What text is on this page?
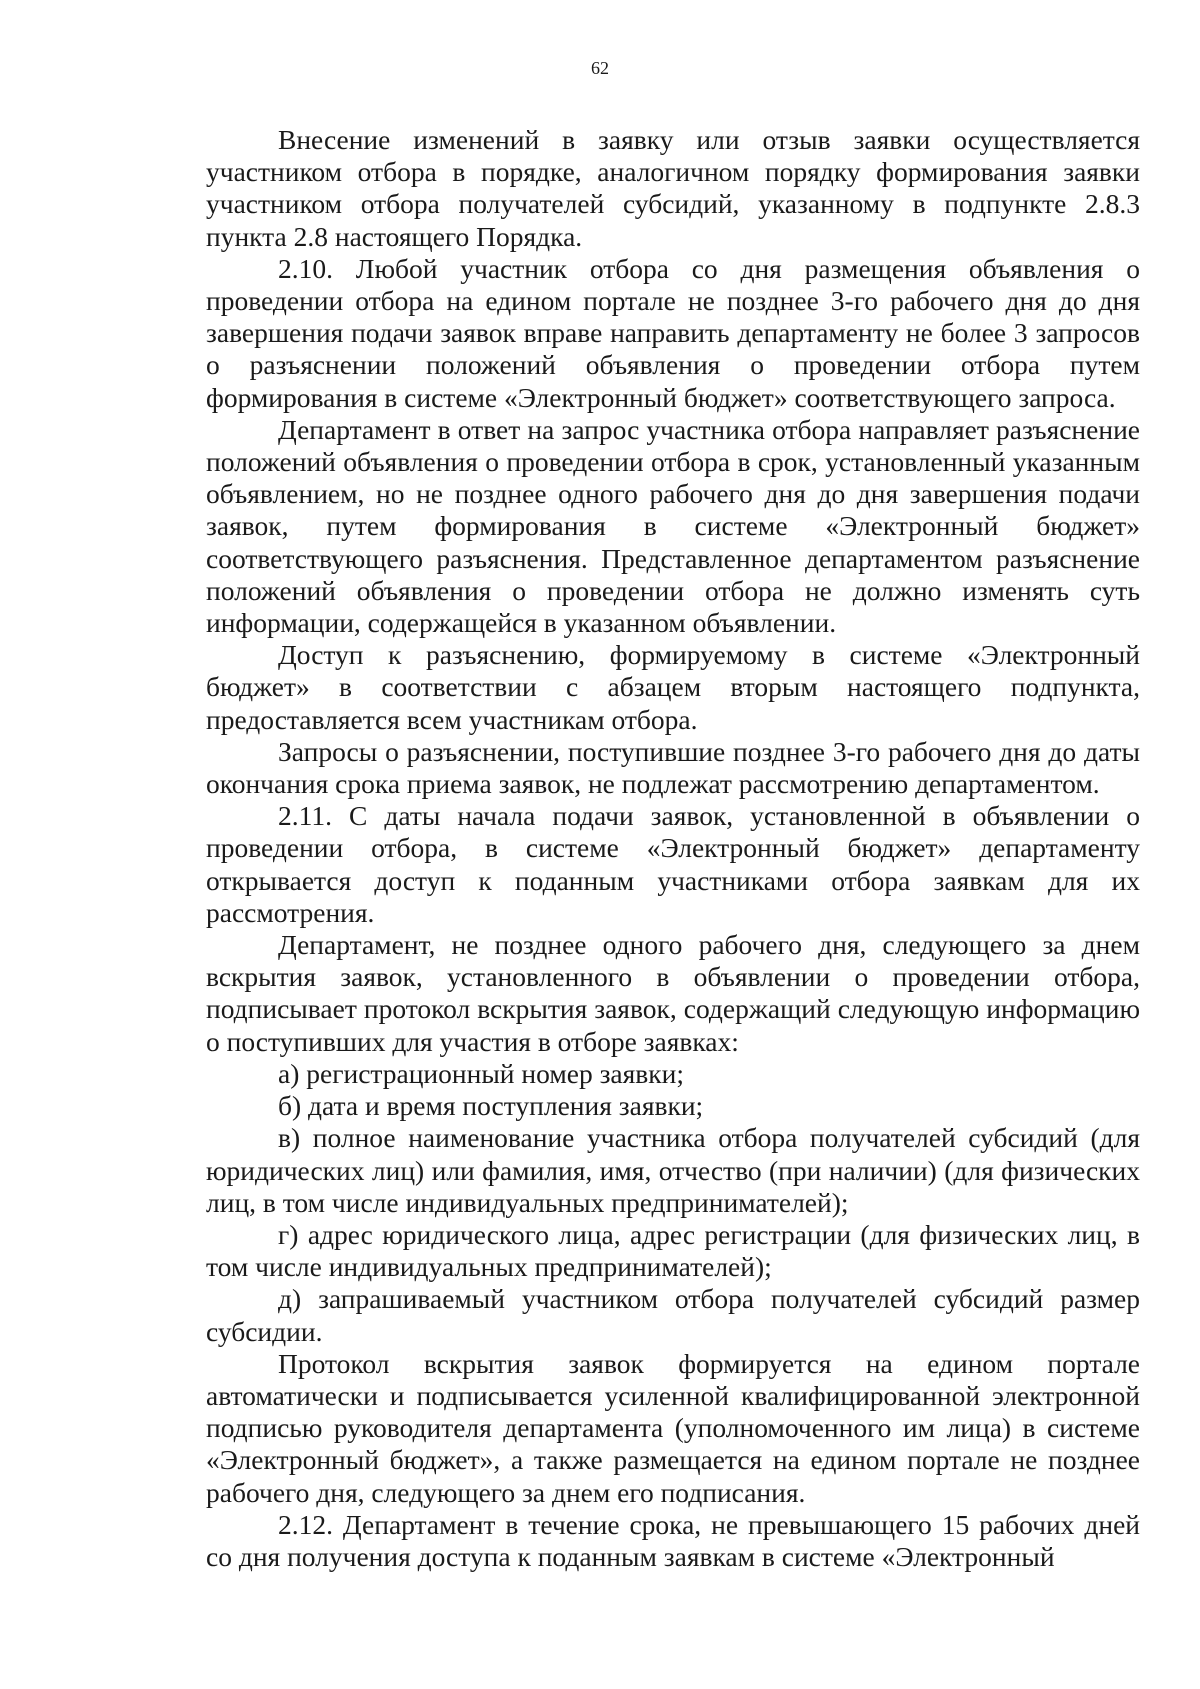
62

Внесение изменений в заявку или отзыв заявки осуществляется участником отбора в порядке, аналогичном порядку формирования заявки участником отбора получателей субсидий, указанному в подпункте 2.8.3 пункта 2.8 настоящего Порядка.

2.10. Любой участник отбора со дня размещения объявления о проведении отбора на едином портале не позднее 3-го рабочего дня до дня завершения подачи заявок вправе направить департаменту не более 3 запросов о разъяснении положений объявления о проведении отбора путем формирования в системе «Электронный бюджет» соответствующего запроса.

Департамент в ответ на запрос участника отбора направляет разъяснение положений объявления о проведении отбора в срок, установленный указанным объявлением, но не позднее одного рабочего дня до дня завершения подачи заявок, путем формирования в системе «Электронный бюджет» соответствующего разъяснения. Представленное департаментом разъяснение положений объявления о проведении отбора не должно изменять суть информации, содержащейся в указанном объявлении.

Доступ к разъяснению, формируемому в системе «Электронный бюджет» в соответствии с абзацем вторым настоящего подпункта, предоставляется всем участникам отбора.

Запросы о разъяснении, поступившие позднее 3-го рабочего дня до даты окончания срока приема заявок, не подлежат рассмотрению департаментом.

2.11. С даты начала подачи заявок, установленной в объявлении о проведении отбора, в системе «Электронный бюджет» департаменту открывается доступ к поданным участниками отбора заявкам для их рассмотрения.

Департамент, не позднее одного рабочего дня, следующего за днем вскрытия заявок, установленного в объявлении о проведении отбора, подписывает протокол вскрытия заявок, содержащий следующую информацию о поступивших для участия в отборе заявках:

а) регистрационный номер заявки;

б) дата и время поступления заявки;

в) полное наименование участника отбора получателей субсидий (для юридических лиц) или фамилия, имя, отчество (при наличии) (для физических лиц, в том числе индивидуальных предпринимателей);

г) адрес юридического лица, адрес регистрации (для физических лиц, в том числе индивидуальных предпринимателей);

д) запрашиваемый участником отбора получателей субсидий размер субсидии.

Протокол вскрытия заявок формируется на едином портале автоматически и подписывается усиленной квалифицированной электронной подписью руководителя департамента (уполномоченного им лица) в системе «Электронный бюджет», а также размещается на едином портале не позднее рабочего дня, следующего за днем его подписания.

2.12. Департамент в течение срока, не превышающего 15 рабочих дней со дня получения доступа к поданным заявкам в системе «Электронный
